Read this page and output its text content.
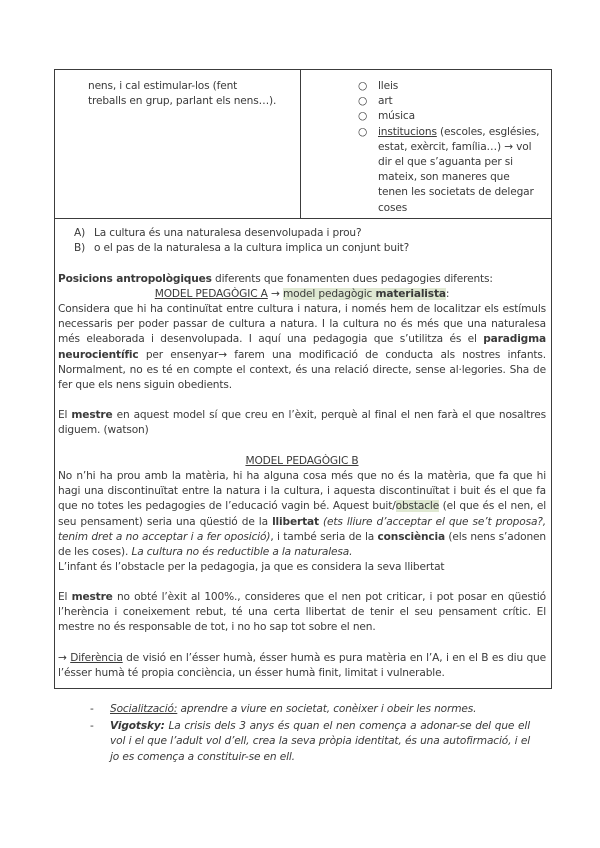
nens, i cal estimular-los (fent treballs en grup, parlant els nens…).
○ lleis
○ art
○ música
○ institucions (escoles, esglésies, estat, exèrcit, família…) → vol dir el que s’aguanta per si mateix, son maneres que tenen les societats de delegar coses
A) La cultura és una naturalesa desenvolupada i prou?
B) o el pas de la naturalesa a la cultura implica un conjunt buit?
Posicions antropològiques diferents que fonamenten dues pedagogies diferents:
MODEL PEDAGÒGIC A → model pedagògic materialista:
Considera que hi ha continuïtat entre cultura i natura, i només hem de localitzar els estímuls necessaris per poder passar de cultura a natura. I la cultura no és més que una naturalesa més eleaborada i desenvolupada. I aquí una pedagogia que s’utilitza és el paradigma neurocientífic per ensenyar→ farem una modificació de conducta als nostres infants. Normalment, no es té en compte el context, és una relació directe, sense al·legories. Sha de fer que els nens siguin obedients.
El mestre en aquest model sí que creu en l’èxit, perquè al final el nen farà el que nosaltres diguem. (watson)
MODEL PEDAGÒGIC B
No n’hi ha prou amb la matèria, hi ha alguna cosa més que no és la matèria, que fa que hi hagi una discontinuïtat entre la natura i la cultura, i aquesta discontinuïtat i buit és el que fa que no totes les pedagogies de l’educació vagin bé. Aquest buit/obstacle (el que és el nen, el seu pensament) seria una qüestió de la llibertat (ets lliure d’acceptar el que se’t proposa?, tenim dret a no acceptar i a fer oposició), i també seria de la consciència (els nens s’adonen de les coses). La cultura no és reductible a la naturalesa.
L’infant és l’obstacle per la pedagogia, ja que es considera la seva llibertat
El mestre no obté l’èxit al 100%., consideres que el nen pot criticar, i pot posar en qüestió l’herència i coneixement rebut, té una certa llibertat de tenir el seu pensament crític. El mestre no és responsable de tot, i no ho sap tot sobre el nen.
→ Diferència de visió en l’ésser humà, ésser humà es pura matèria en l’A, i en el B es diu que l’ésser humà té propia conciència, un ésser humà finit, limitat i vulnerable.
- Socialització: aprendre a viure en societat, conèixer i obeir les normes.
- Vigotsky: La crisis dels 3 anys és quan el nen comença a adonar-se del que ell vol i el que l’adult vol d’ell, crea la seva pròpia identitat, és una autofirmació, i el jo es comença a constituir-se en ell.
